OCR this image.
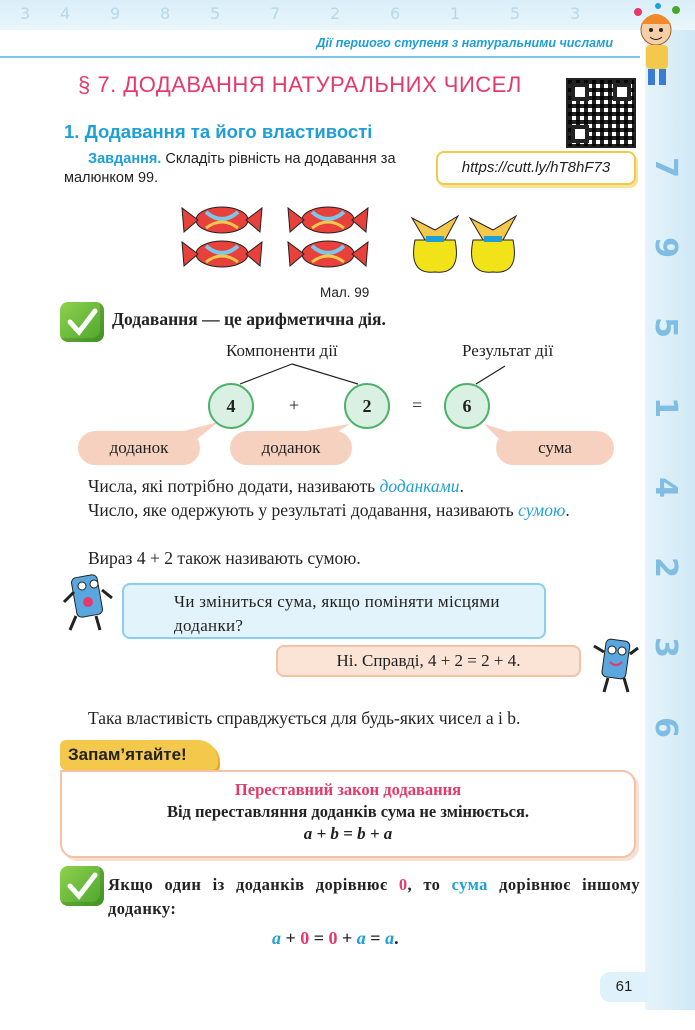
3 4 9 8 5	7	2	6	1	5	3
7
9
5
1
4
2
3
6
Дії першого ступеня з натуральними числами
§ 7. ДОДАВАННЯ НАТУРАЛЬНИХ ЧИСЕЛ
https://cutt.ly/hT8hF73
1. Додавання та його властивості
Завдання. Складіть рівність на додавання за малюнком 99.
Мал. 99
Додавання — це арифметична дія.
Компоненти дії	Результат дії
4	+	2	=	6
доданок	доданок	сума
Числа, які потрібно додати, називають доданками.
Число, яке одержують у результаті додавання, називають сумою.
Вираз 4 + 2 також називають сумою.
Чи зміниться сума, якщо поміняти місцями доданки?
Ні. Справді, 4 + 2 = 2 + 4.
Така властивість справджується для будь-яких чисел a і b.
Запам’ятайте!
Переставний закон додавання
Від переставляння доданків сума не змінюється.
a + b = b + a
Якщо один із доданків дорівнює 0, то сума дорівнює іншому доданку:
a + 0 = 0 + a = a.
61
